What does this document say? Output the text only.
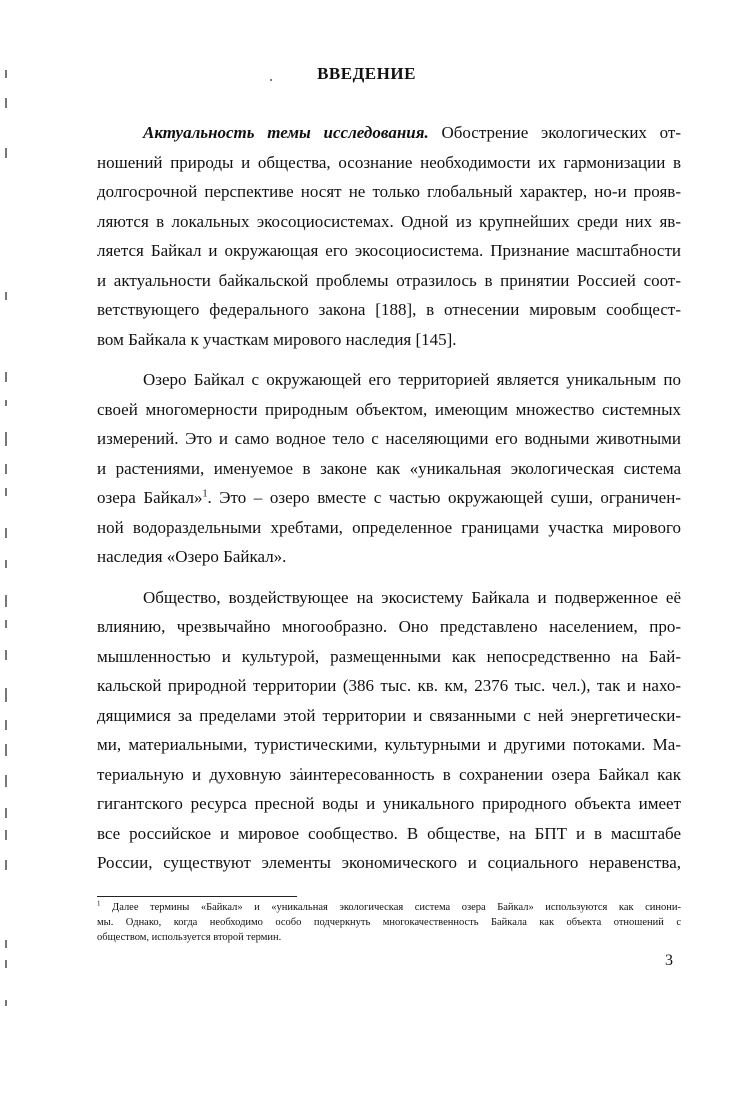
ВВЕДЕНИЕ
Актуальность темы исследования. Обострение экологических от-
ношений природы и общества, осознание необходимости их гармонизации в
долгосрочной перспективе носят не только глобальный характер, но-и прояв-
ляются в локальных экосоциосистемах. Одной из крупнейших среди них яв-
ляется Байкал и окружающая его экосоциосистема. Признание масштабности
и актуальности байкальской проблемы отразилось в принятии Россией соот-
ветствующего федерального закона [188], в отнесении мировым сообщест-
вом Байкала к участкам мирового наследия [145].
Озеро Байкал с окружающей его территорией является уникальным по
своей многомерности природным объектом, имеющим множество системных
измерений. Это и само водное тело с населяющими его водными животными
и растениями, именуемое в законе как «уникальная экологическая система
озера Байкал»$^1$. Это – озеро вместе с частью окружающей суши, ограничен-
ной водораздельными хребтами, определенное границами участка мирового
наследия «Озеро Байкал».
Общество, воздействующее на экосистему Байкала и подверженное её
влиянию, чрезвычайно многообразно. Оно представлено населением, про-
мышленностью и культурой, размещенными как непосредственно на Бай-
кальской природной территории (386 тыс. кв. км, 2376 тыс. чел.), так и нахо-
дящимися за пределами этой территории и связанными с ней энергетически-
ми, материальными, туристическими, культурными и другими потоками. Ма-
териальную и духовную заинтересованность в сохранении озера Байкал как
гигантского ресурса пресной воды и уникального природного объекта имеет
все российское и мировое сообщество. В обществе, на БПТ и в масштабе
России, существуют элементы экономического и социального неравенства,
$^1$ Далее термины «Байкал» и «уникальная экологическая система озера Байкал» используются как синони-
мы. Однако, когда необходимо особо подчеркнуть многокачественность Байкала как объекта отношений с
обществом, используется второй термин.
3
